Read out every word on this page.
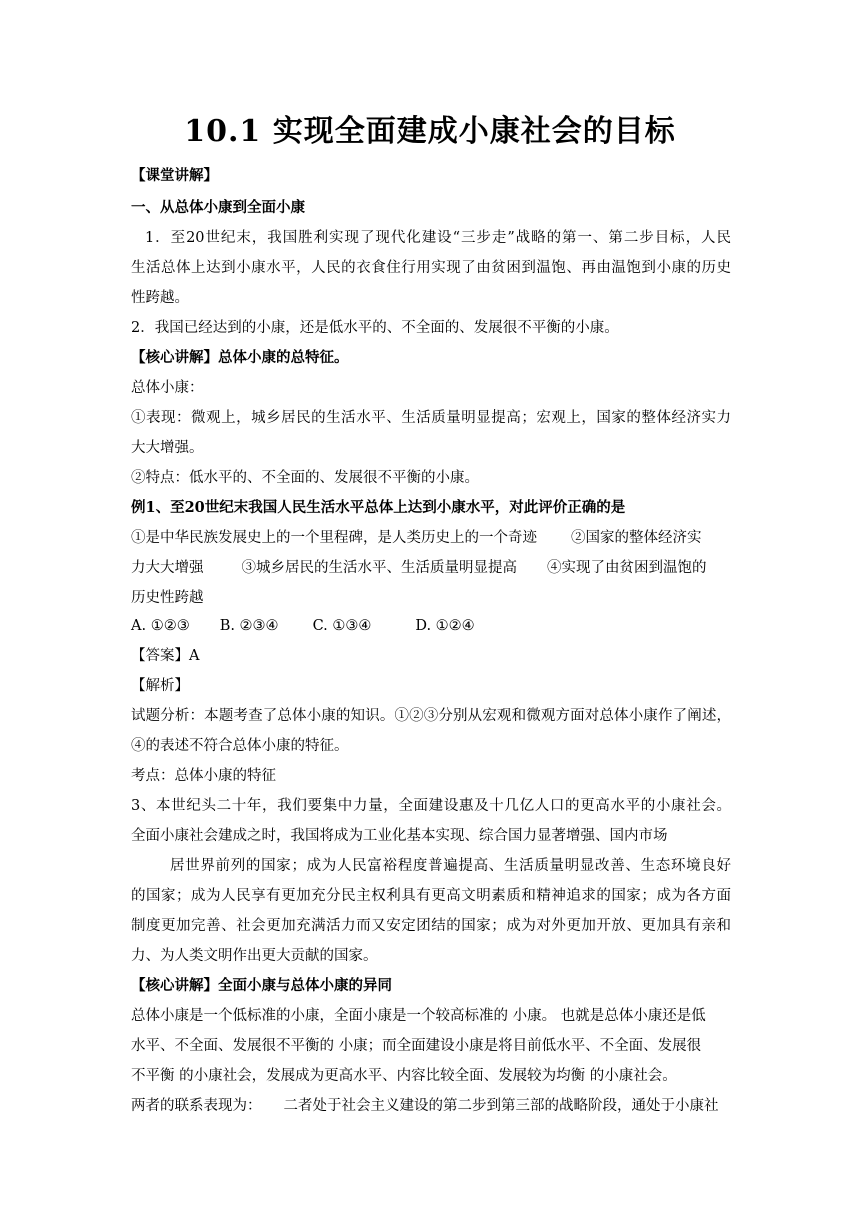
10.1 实现全面建成小康社会的目标
【课堂讲解】
一、从总体小康到全面小康
1．至20世纪末，我国胜利实现了现代化建设“三步走”战略的第一、第二步目标，人民
生活总体上达到小康水平，人民的衣食住行用实现了由贫困到温饱、再由温饱到小康的历史
性跨越。
2．我国已经达到的小康，还是低水平的、不全面的、发展很不平衡的小康。
【核心讲解】总体小康的总特征。
总体小康：
①表现：微观上，城乡居民的生活水平、生活质量明显提高；宏观上，国家的整体经济实力
大大增强。
②特点：低水平的、不全面的、发展很不平衡的小康。
例1、至20世纪末我国人民生活水平总体上达到小康水平，对此评价正确的是
①是中华民族发展史上的一个里程碑，是人类历史上的一个奇迹 ②国家的整体经济实
力大大增强	③城乡居民的生活水平、生活质量明显提高 ④实现了由贫困到温饱的
历史性跨越
A. ①②③ B. ②③④ C. ①③④	D. ①②④
【答案】A
【解析】
试题分析：本题考查了总体小康的知识。①②③分别从宏观和微观方面对总体小康作了阐述，
④的表述不符合总体小康的特征。
考点：总体小康的特征
3、本世纪头二十年，我们要集中力量，全面建设惠及十几亿人口的更高水平的小康社会。
全面小康社会建成之时，我国将成为工业化基本实现、综合国力显著增强、国内市场
居世界前列的国家；成为人民富裕程度普遍提高、生活质量明显改善、生态环境良好
的国家；成为人民享有更加充分民主权利具有更高文明素质和精神追求的国家；成为各方面
制度更加完善、社会更加充满活力而又安定团结的国家；成为对外更加开放、更加具有亲和
力、为人类文明作出更大贡献的国家。
【核心讲解】全面小康与总体小康的异同
总体小康是一个低标准的小康，全面小康是一个较高标准的 小康。 也就是总体小康还是低
水平、不全面、发展很不平衡的 小康；而全面建设小康是将目前低水平、不全面、发展很
不平衡 的小康社会，发展成为更高水平、内容比较全面、发展较为均衡 的小康社会。
两者的联系表现为： 二者处于社会主义建设的第二步到第三部的战略阶段，通处于小康社
